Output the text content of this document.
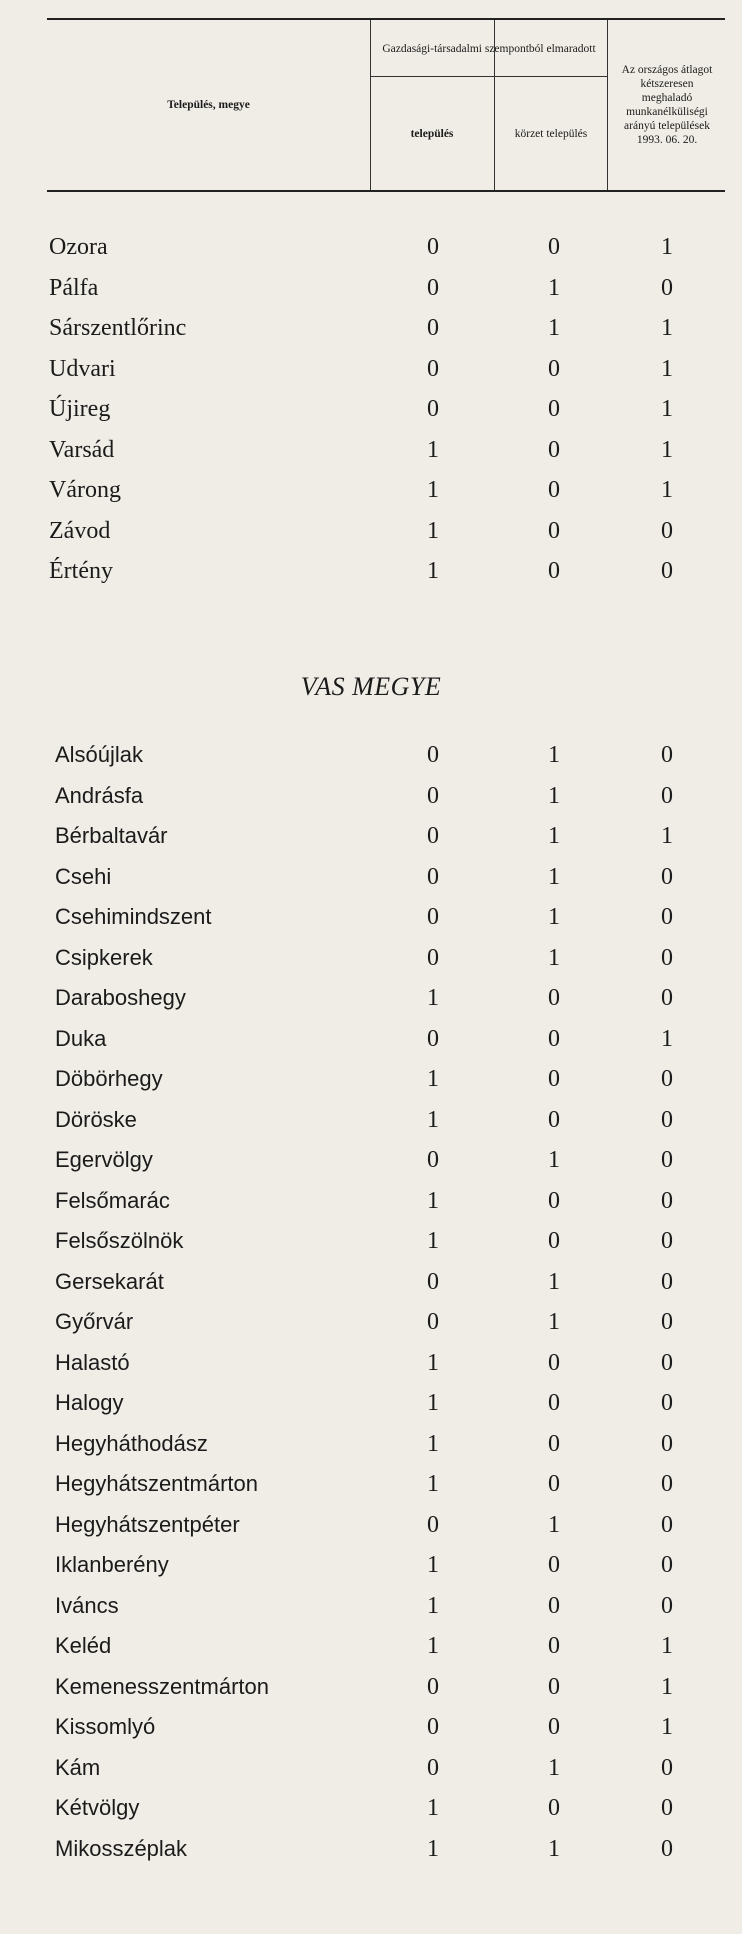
Település, megye
Gazdasági-társadalmi szempontból elmaradott
település	körzet település
Az országos átlagot kétszeresen meghaladó munkanélküliségi arányú települések 1993. 06. 20.
Ozora	0	0	1
Pálfa	0	1	0
Sárszentlőrinc	0	1	1
Udvari	0	0	1
Újireg	0	0	1
Varsád	1	0	1
Várong	1	0	1
Závod	1	0	0
Értény	1	0	0
VAS MEGYE
Alsóújlak	0	1	0
Andrásfa	0	1	0
Bérbaltavár	0	1	1
Csehi	0	1	0
Csehimindszent	0	1	0
Csipkerek	0	1	0
Daraboshegy	1	0	0
Duka	0	0	1
Döbörhegy	1	0	0
Döröske	1	0	0
Egervölgy	0	1	0
Felsőmarác	1	0	0
Felsőszölnök	1	0	0
Gersekarát	0	1	0
Győrvár	0	1	0
Halastó	1	0	0
Halogy	1	0	0
Hegyháthodász	1	0	0
Hegyhátszentmárton	1	0	0
Hegyhátszentpéter	0	1	0
Iklanberény	1	0	0
Iváncs	1	0	0
Keléd	1	0	1
Kemenesszentmárton	0	0	1
Kissomlyó	0	0	1
Kám	0	1	0
Kétvölgy	1	0	0
Mikosszéplak	1	1	0
